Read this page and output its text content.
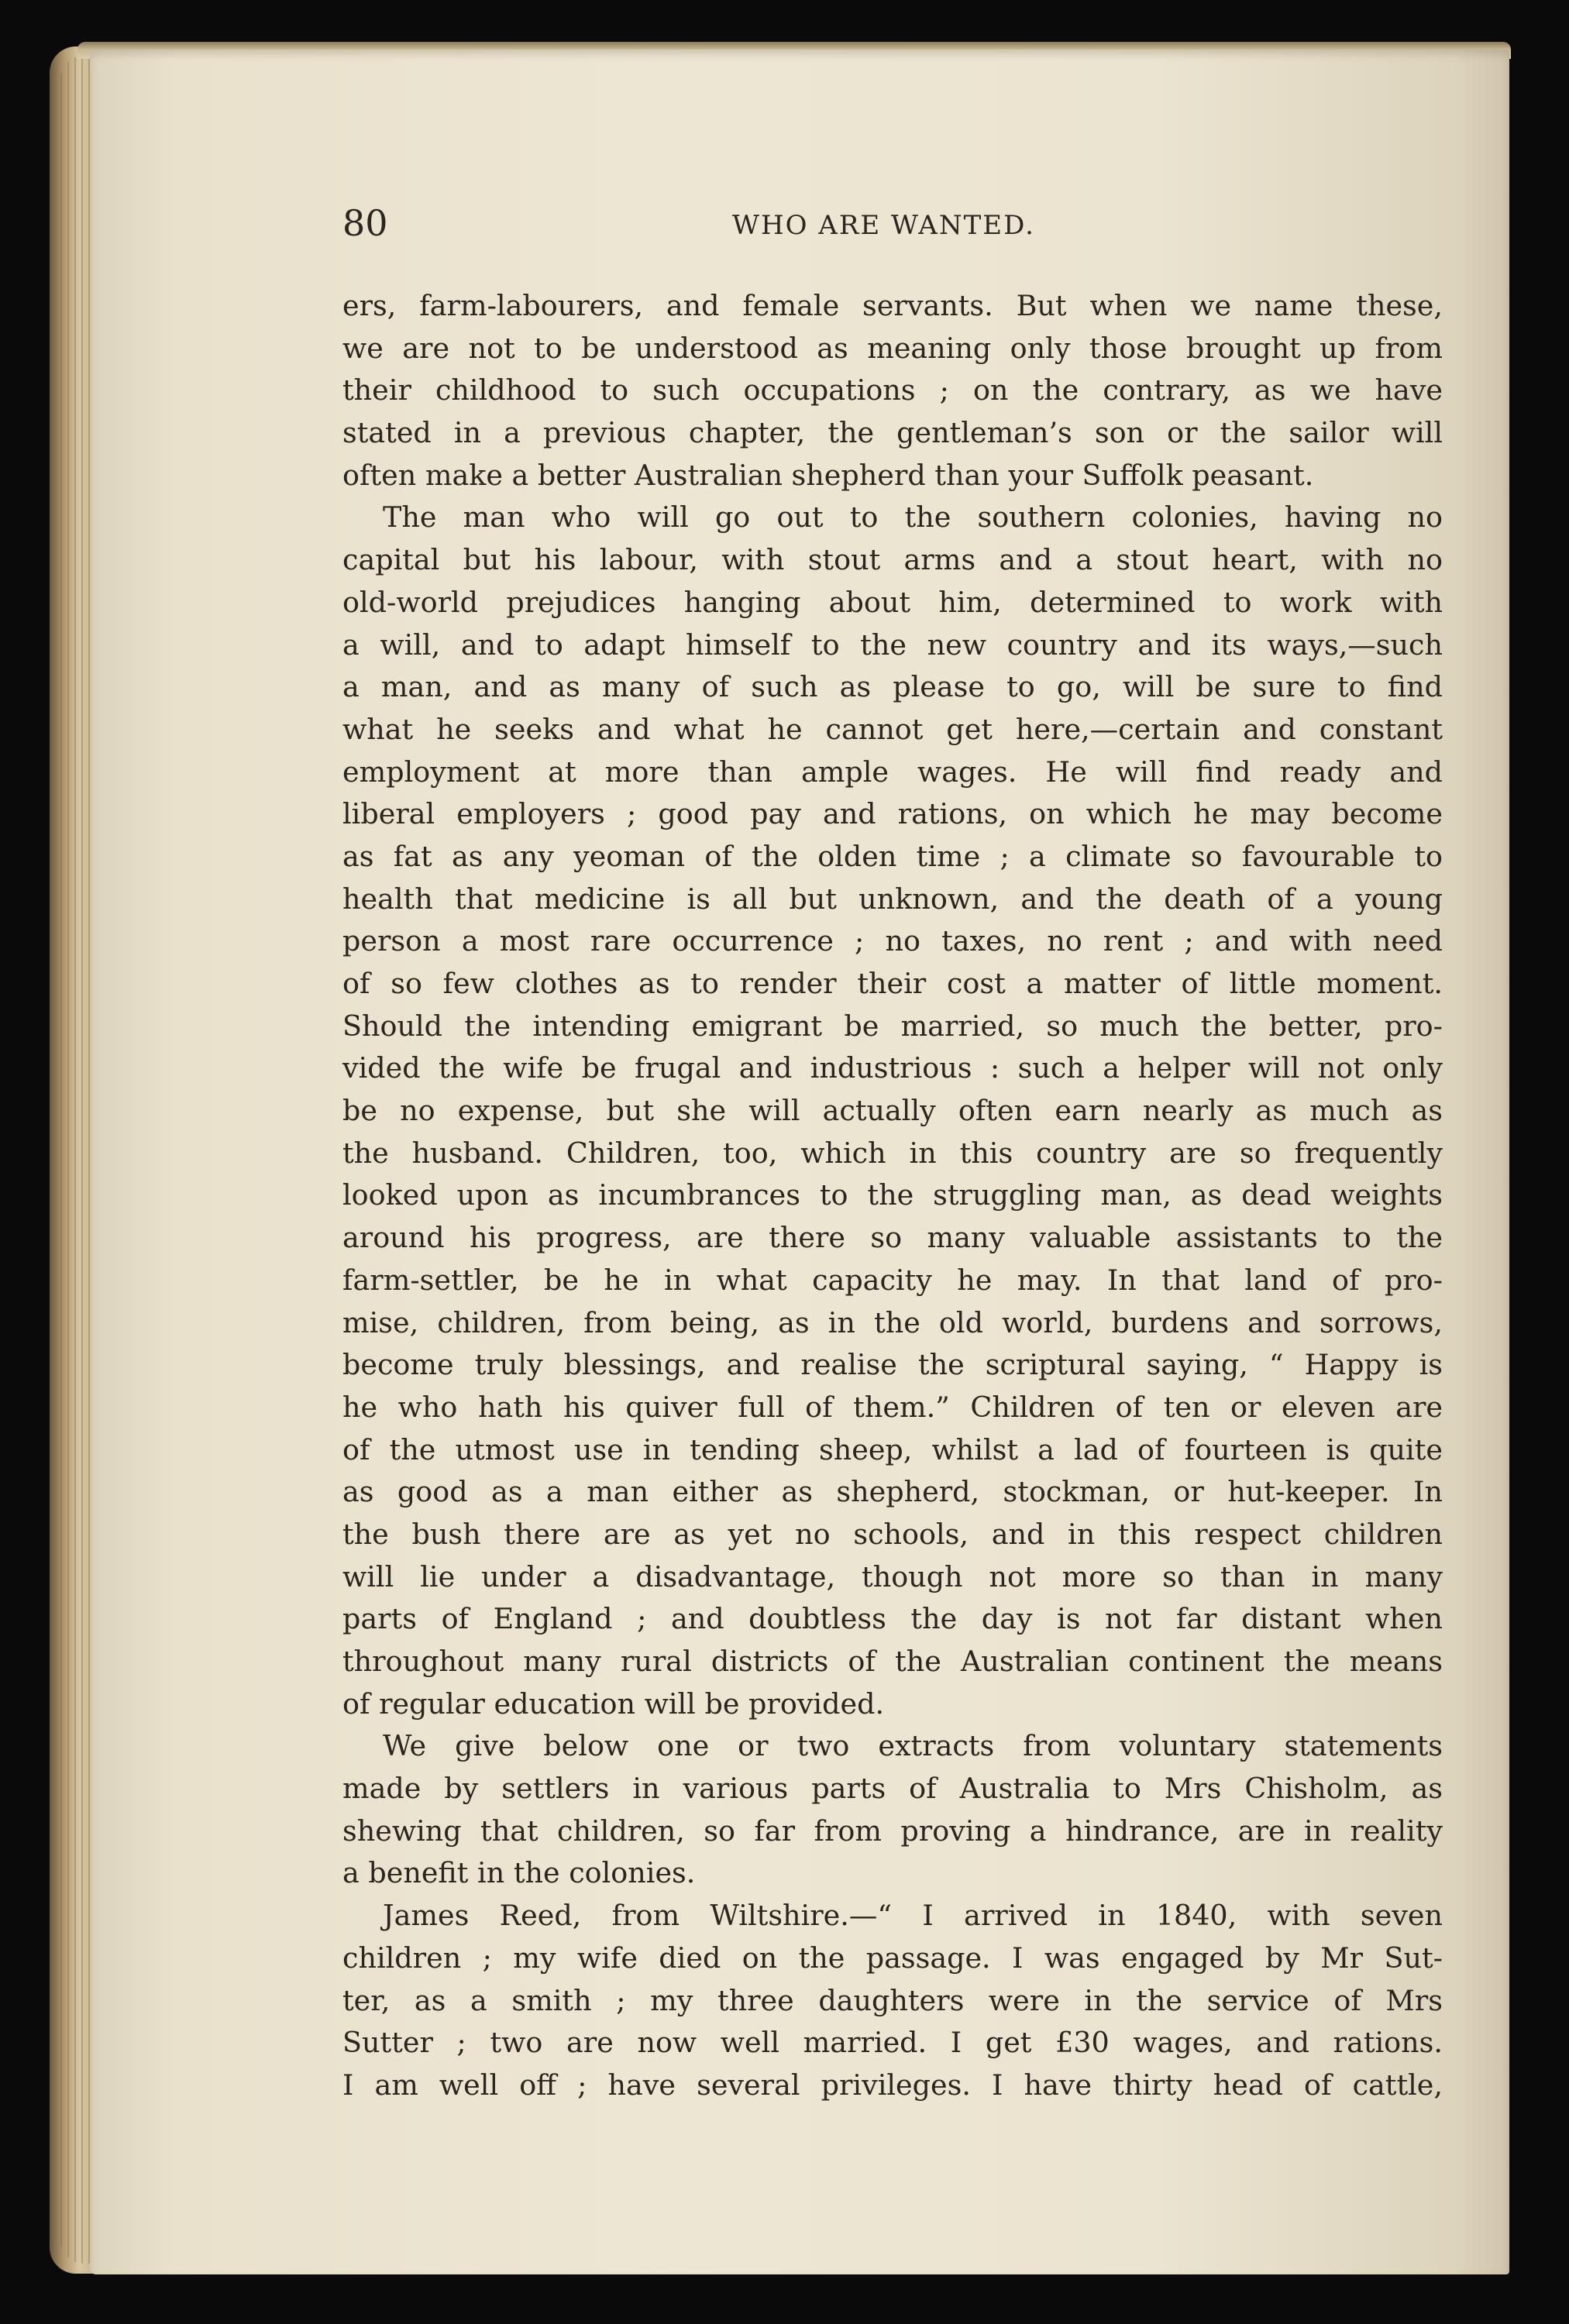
80	WHO ARE WANTED.
ers, farm-labourers, and female servants. But when we name these,
we are not to be understood as meaning only those brought up from
their childhood to such occupations ; on the contrary, as we have
stated in a previous chapter, the gentleman’s son or the sailor will
often make a better Australian shepherd than your Suffolk peasant.
The man who will go out to the southern colonies, having no
capital but his labour, with stout arms and a stout heart, with no
old-world prejudices hanging about him, determined to work with
a will, and to adapt himself to the new country and its ways,—such
a man, and as many of such as please to go, will be sure to find
what he seeks and what he cannot get here,—certain and constant
employment at more than ample wages. He will find ready and
liberal employers ; good pay and rations, on which he may become
as fat as any yeoman of the olden time ; a climate so favourable to
health that medicine is all but unknown, and the death of a young
person a most rare occurrence ; no taxes, no rent ; and with need
of so few clothes as to render their cost a matter of little moment.
Should the intending emigrant be married, so much the better, pro-
vided the wife be frugal and industrious : such a helper will not only
be no expense, but she will actually often earn nearly as much as
the husband. Children, too, which in this country are so frequently
looked upon as incumbrances to the struggling man, as dead weights
around his progress, are there so many valuable assistants to the
farm-settler, be he in what capacity he may. In that land of pro-
mise, children, from being, as in the old world, burdens and sorrows,
become truly blessings, and realise the scriptural saying, “ Happy is
he who hath his quiver full of them.” Children of ten or eleven are
of the utmost use in tending sheep, whilst a lad of fourteen is quite
as good as a man either as shepherd, stockman, or hut-keeper. In
the bush there are as yet no schools, and in this respect children
will lie under a disadvantage, though not more so than in many
parts of England ; and doubtless the day is not far distant when
throughout many rural districts of the Australian continent the means
of regular education will be provided.
We give below one or two extracts from voluntary statements
made by settlers in various parts of Australia to Mrs Chisholm, as
shewing that children, so far from proving a hindrance, are in reality
a benefit in the colonies.
James Reed, from Wiltshire.—“ I arrived in 1840, with seven
children ; my wife died on the passage. I was engaged by Mr Sut-
ter, as a smith ; my three daughters were in the service of Mrs
Sutter ; two are now well married. I get £30 wages, and rations.
I am well off ; have several privileges. I have thirty head of cattle,
